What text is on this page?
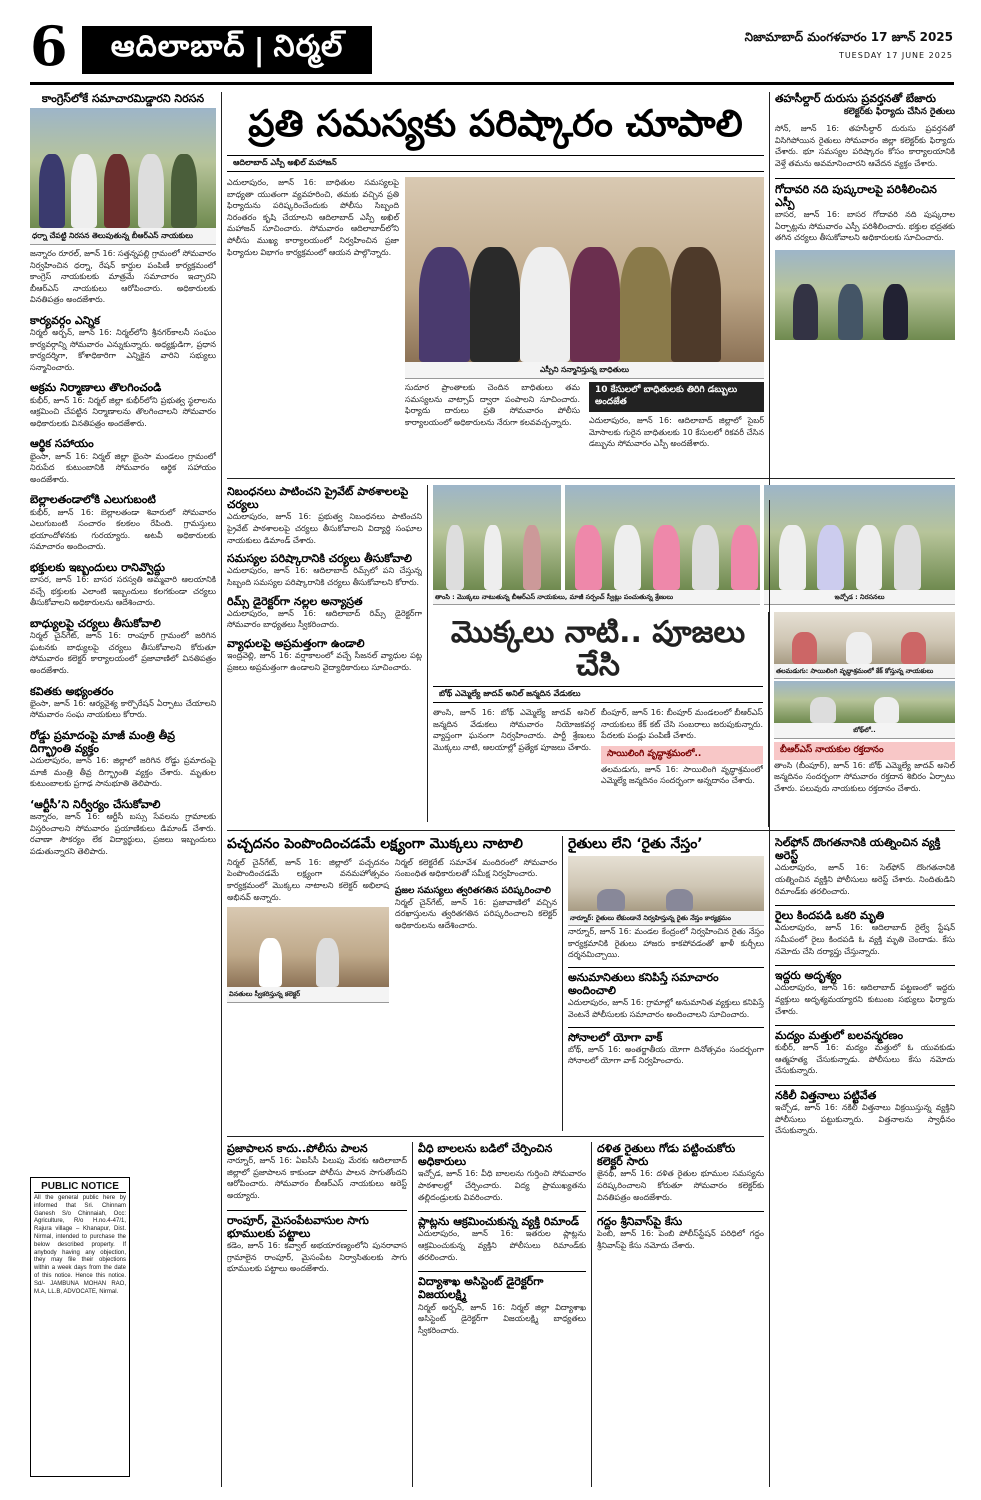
6 ఆదిలాబాద్ | నిర్మల్	నిజామాబాద్ మంగళవారం 17 జూన్ 2025
TUESDAY 17 JUNE 2025
కాంగ్రెస్‌లోకే సమాచారమిడ్డారని నిరసన
ధర్నా చేపట్టి నిరసన తెలుపుతున్న బీఆర్‌ఎస్ నాయకులు
జన్నారం రూరల్, జూన్ 16: సత్తన్నపల్లి గ్రామంలో సోమవారం నిర్వహించిన ధర్నా, రేషన్ కార్డుల పంపిణీ కార్యక్రమంలో కాంగ్రెస్ నాయకులకు మాత్రమే సమాచారం ఇచ్చారని బీఆర్‌ఎస్ నాయకులు ఆరోపించారు. అధికారులకు వినతిపత్రం అందజేశారు.
కార్యవర్గం ఎన్నిక
నిర్మల్ అర్బన్, జూన్ 16: నిర్మల్‌లోని శ్రీనగర్‌కాలనీ సంఘం కార్యవర్గాన్ని సోమవారం ఎన్నుకున్నారు. అధ్యక్షుడిగా, ప్రధాన కార్యదర్శిగా, కోశాధికారిగా ఎన్నికైన వారిని సభ్యులు సన్మానించారు.
అక్రమ నిర్మాణాలు తొలగించండి
కుభీర్, జూన్ 16: నిర్మల్ జిల్లా కుభీర్‌లోని ప్రభుత్వ స్థలాలను ఆక్రమించి చేపట్టిన నిర్మాణాలను తొలగించాలని సోమవారం అధికారులకు వినతిపత్రం అందజేశారు.
ఆర్థిక సహాయం
భైంసా, జూన్ 16: నిర్మల్ జిల్లా భైంసా మండలం గ్రామంలో నిరుపేద కుటుంబానికి సోమవారం ఆర్థిక సహాయం అందజేశారు.
బెల్లాలతండాలోకి ఎలుగుబంటి
కుభీర్, జూన్ 16: బెల్లాలతండా శివారులో సోమవారం ఎలుగుబంటి సంచారం కలకలం రేపింది. గ్రామస్తులు భయాందోళనకు గురయ్యారు. అటవీ అధికారులకు సమాచారం అందించారు.
భక్తులకు ఇబ్బందులు రానివ్వొద్దు
బాసర, జూన్ 16: బాసర సరస్వతి అమ్మవారి ఆలయానికి వచ్చే భక్తులకు ఎలాంటి ఇబ్బందులు కలగకుండా చర్యలు తీసుకోవాలని అధికారులను ఆదేశించారు.
బాధ్యులపై చర్యలు తీసుకోవాలి
నిర్మల్ చైన్‌గేట్, జూన్ 16: రాంపూర్ గ్రామంలో జరిగిన ఘటనకు బాధ్యులపై చర్యలు తీసుకోవాలని కోరుతూ సోమవారం కలెక్టర్ కార్యాలయంలో ప్రజావాణిలో వినతిపత్రం అందజేశారు.
కవితకు అభ్యంతరం
భైంసా, జూన్ 16: ఆర్యవైశ్య కార్పొరేషన్ ఏర్పాటు చేయాలని సోమవారం సంఘ నాయకులు కోరారు.
రోడ్డు ప్రమాదంపై మాజీ మంత్రి తీవ్ర దిగ్భ్రాంతి వ్యక్తం
ఎదులాపురం, జూన్ 16: జిల్లాలో జరిగిన రోడ్డు ప్రమాదంపై మాజీ మంత్రి తీవ్ర దిగ్భ్రాంతి వ్యక్తం చేశారు. మృతుల కుటుంబాలకు ప్రగాఢ సానుభూతి తెలిపారు.
‘ఆర్టీసీ’ని నిర్వీర్యం చేసుకోవాలి
జన్నారం, జూన్ 16: ఆర్టీసీ బస్సు సేవలను గ్రామాలకు విస్తరించాలని సోమవారం ప్రయాణికులు డిమాండ్ చేశారు. రవాణా సౌకర్యం లేక విద్యార్థులు, ప్రజలు ఇబ్బందులు పడుతున్నారని తెలిపారు.
PUBLIC NOTICE
All the general public here by informed that Sri. Chinnam Ganesh S/o Chinnaiah, Occ: Agriculture, R/o H.no.4-47/1, Rajura village – Khanapur, Dist. Nirmal, intended to purchase the below described property. If anybody having any objection, they may file their objections within a week days from the date of this notice. Hence this notice. Sd/- JAMBUNA MOHAN RAO, M.A, LL.B, ADVOCATE, Nirmal.
ప్రతి సమస్యకు పరిష్కారం చూపాలి
ఆదిలాబాద్ ఎస్పీ అఖిల్ మహాజన్
ఎదులాపురం, జూన్ 16: బాధితుల సమస్యలపై బాధ్యతా యుతంగా వ్యవహరించి, తమకు వచ్చిన ప్రతి ఫిర్యాదును పరిష్కరించేందుకు పోలీసు సిబ్బంది నిరంతరం కృషి చేయాలని ఆదిలాబాద్ ఎస్పీ అఖిల్ మహాజన్ సూచించారు. సోమవారం ఆదిలాబాద్‌లోని పోలీసు ముఖ్య కార్యాలయంలో నిర్వహించిన ప్రజా ఫిర్యాదుల విభాగం కార్యక్రమంలో ఆయన పాల్గొన్నారు.
ఎస్పీని సన్మానిస్తున్న బాధితులు
సుదూర ప్రాంతాలకు చెందిన బాధితులు తమ సమస్యలను వాట్సాప్ ద్వారా పంపాలని సూచించారు. ఫిర్యాదు దారులు ప్రతి సోమవారం పోలీసు కార్యాలయంలో అధికారులను నేరుగా కలవవచ్చన్నారు.
10 కేసులలో బాధితులకు తిరిగి డబ్బులు అందజేత
ఎదులాపురం, జూన్ 16: ఆదిలాబాద్ జిల్లాలో సైబర్ మోసాలకు గురైన బాధితులకు 10 కేసులలో రికవరీ చేసిన డబ్బును సోమవారం ఎస్పీ అందజేశారు.
తహసీల్దార్ దురుసు ప్రవర్తనతో బేజారు
కలెక్టర్‌కు ఫిర్యాదు చేసిన రైతులు
సోన్, జూన్ 16: తహసీల్దార్ దురుసు ప్రవర్తనతో విసిగిపోయిన రైతులు సోమవారం జిల్లా కలెక్టర్‌కు ఫిర్యాదు చేశారు. భూ సమస్యల పరిష్కారం కోసం కార్యాలయానికి వెళ్తే తమను అవమానించారని ఆవేదన వ్యక్తం చేశారు.
గోదావరి నది పుష్కరాలపై పరిశీలించిన ఎస్పీ
బాసర, జూన్ 16: బాసర గోదావరి నది పుష్కరాల ఏర్పాట్లను సోమవారం ఎస్పీ పరిశీలించారు. భక్తుల భద్రతకు తగిన చర్యలు తీసుకోవాలని అధికారులకు సూచించారు.
నిబంధనలు పాటించని ప్రైవేట్ పాఠశాలలపై చర్యలు
ఎదులాపురం, జూన్ 16: ప్రభుత్వ నిబంధనలు పాటించని ప్రైవేట్ పాఠశాలలపై చర్యలు తీసుకోవాలని విద్యార్థి సంఘాల నాయకులు డిమాండ్ చేశారు.
సమస్యల పరిష్కారానికి చర్యలు తీసుకోవాలి
ఎదులాపురం, జూన్ 16: ఆదిలాబాద్ రిమ్స్‌లో పని చేస్తున్న సిబ్బంది సమస్యల పరిష్కారానికి చర్యలు తీసుకోవాలని కోరారు.
రిమ్స్ డైరెక్టర్‌గా నల్లల అన్యాస్రత
ఎదులాపురం, జూన్ 16: ఆదిలాబాద్ రిమ్స్ డైరెక్టర్‌గా సోమవారం బాధ్యతలు స్వీకరించారు.
వ్యాధులపై అప్రమత్తంగా ఉండాలి
ఇంద్రవెల్లి, జూన్ 16: వర్షాకాలంలో వచ్చే సీజనల్ వ్యాధుల పట్ల ప్రజలు అప్రమత్తంగా ఉండాలని వైద్యాధికారులు సూచించారు.
తాంసి : మొక్కలు నాటుతున్న బీఆర్‌ఎస్ నాయకులు, మాజీ సర్పంచ్ స్వీట్లు పంచుతున్న శ్రేణులు	ఇచ్చోడ : నిరసనలు
మొక్కలు నాటి.. పూజలు చేసి
బోథ్ ఎమ్మెల్యే జాదవ్ అనిల్ జన్మదిన వేడుకలు
తాంసి, జూన్ 16: బోథ్ ఎమ్మెల్యే జాదవ్ అనిల్ జన్మదిన వేడుకలు సోమవారం నియోజకవర్గ వ్యాప్తంగా ఘనంగా నిర్వహించారు. పార్టీ శ్రేణులు మొక్కలు నాటి, ఆలయాల్లో ప్రత్యేక పూజలు చేశారు.
బీంపూర్, జూన్ 16: బీంపూర్ మండలంలో బీఆర్‌ఎస్ నాయకులు కేక్ కట్ చేసి సంబరాలు జరుపుకున్నారు. పేదలకు పండ్లు పంపిణీ చేశారు.
సాయిలింగి వృద్ధాశ్రమంలో..
తలమడుగు, జూన్ 16: సాయిలింగి వృద్ధాశ్రమంలో ఎమ్మెల్యే జన్మదినం సందర్భంగా అన్నదానం చేశారు.
తలమడుగు: సాయిలింగి వృద్ధాశ్రమంలో కేక్ కోస్తున్న నాయకులు
బోథ్‌లో..
బీఆర్‌ఎస్ నాయకుల రక్తదానం
తాంసి (బీంపూర్), జూన్ 16: బోథ్ ఎమ్మెల్యే జాదవ్ అనిల్ జన్మదినం సందర్భంగా సోమవారం రక్తదాన శిబిరం ఏర్పాటు చేశారు. పలువురు నాయకులు రక్తదానం చేశారు.
పచ్చదనం పెంపొందించడమే లక్ష్యంగా మొక్కలు నాటాలి
నిర్మల్ చైన్‌గేట్, జూన్ 16: జిల్లాలో పచ్చదనం పెంపొందించడమే లక్ష్యంగా వనమహోత్సవం కార్యక్రమంలో మొక్కలు నాటాలని కలెక్టర్ అభిలాష అభినవ్ అన్నారు.
వినతులు స్వీకరిస్తున్న కలెక్టర్
నిర్మల్ కలెక్టరేట్ సమావేశ మందిరంలో సోమవారం సంబంధిత అధికారులతో సమీక్ష నిర్వహించారు.
ప్రజల సమస్యలు త్వరితగతిన పరిష్కరించాలి
నిర్మల్ చైన్‌గేట్, జూన్ 16: ప్రజావాణిలో వచ్చిన దరఖాస్తులను త్వరితగతిన పరిష్కరించాలని కలెక్టర్ అధికారులను ఆదేశించారు.
రైతులు లేని ‘రైతు నేస్తం’
నార్నూర్: రైతులు లేకుండానే నిర్వహిస్తున్న రైతు నేస్తం కార్యక్రమం
నార్నూర్, జూన్ 16: మండల కేంద్రంలో నిర్వహించిన రైతు నేస్తం కార్యక్రమానికి రైతులు హాజరు కాకపోవడంతో ఖాళీ కుర్చీలు దర్శనమిచ్చాయి.
అనుమానితులు కనిపిస్తే సమాచారం అందించాలి
ఎదులాపురం, జూన్ 16: గ్రామాల్లో అనుమానిత వ్యక్తులు కనిపిస్తే వెంటనే పోలీసులకు సమాచారం అందించాలని సూచించారు.
సోనాలలో యోగా వాక్
బోథ్, జూన్ 16: అంతర్జాతీయ యోగా దినోత్సవం సందర్భంగా సోనాలలో యోగా వాక్ నిర్వహించారు.
సెల్‌ఫోన్ దొంగతనానికి యత్నించిన వ్యక్తి అరెస్ట్
ఎదులాపురం, జూన్ 16: సెల్‌ఫోన్ దొంగతనానికి యత్నించిన వ్యక్తిని పోలీసులు అరెస్ట్ చేశారు. నిందితుడిని రిమాండ్‌కు తరలించారు.
రైలు కిందపడి ఒకరి మృతి
ఎదులాపురం, జూన్ 16: ఆదిలాబాద్ రైల్వే స్టేషన్ సమీపంలో రైలు కిందపడి ఓ వ్యక్తి మృతి చెందాడు. కేసు నమోదు చేసి దర్యాప్తు చేస్తున్నారు.
ఇద్దరు అదృశ్యం
ఎదులాపురం, జూన్ 16: ఆదిలాబాద్ పట్టణంలో ఇద్దరు వ్యక్తులు అదృశ్యమయ్యారని కుటుంబ సభ్యులు ఫిర్యాదు చేశారు.
మద్యం మత్తులో బలవన్మరణం
కుభీర్, జూన్ 16: మద్యం మత్తులో ఓ యువకుడు ఆత్మహత్య చేసుకున్నాడు. పోలీసులు కేసు నమోదు చేసుకున్నారు.
నకిలీ విత్తనాలు పట్టివేత
ఇచ్చోడ, జూన్ 16: నకిలీ విత్తనాలు విక్రయిస్తున్న వ్యక్తిని పోలీసులు పట్టుకున్నారు. విత్తనాలను స్వాధీనం చేసుకున్నారు.
ప్రజాపాలన కాదు..పోలీసు పాలన
నార్నూర్, జూన్ 16: ఏఐసీసీ పిలుపు మేరకు ఆదిలాబాద్ జిల్లాలో ప్రజాపాలన కాకుండా పోలీసు పాలన సాగుతోందని ఆరోపించారు. సోమవారం బీఆర్‌ఎస్ నాయకులు అరెస్ట్ అయ్యారు.
రాంపూర్, మైసంపేటవాసుల సాగు భూములకు పట్టాలు
కడెం, జూన్ 16: కవ్వాల్ అభయారణ్యంలోని పునరావాస గ్రామాలైన రాంపూర్, మైసంపేట నిర్వాసితులకు సాగు భూములకు పట్టాలు అందజేశారు.
వీధి బాలలను బడిలో చేర్పించిన అధికారులు
ఇచ్చోడ, జూన్ 16: వీధి బాలలను గుర్తించి సోమవారం పాఠశాలల్లో చేర్పించారు. విద్య ప్రాముఖ్యతను తల్లిదండ్రులకు వివరించారు.
ప్లాట్లను ఆక్రమించుకున్న వ్యక్తి రిమాండ్
ఎదులాపురం, జూన్ 16: ఇతరుల ప్లాట్లను ఆక్రమించుకున్న వ్యక్తిని పోలీసులు రిమాండ్‌కు తరలించారు.
విద్యాశాఖ అసిస్టెంట్ డైరెక్టర్‌గా విజయలక్ష్మి
నిర్మల్ అర్బన్, జూన్ 16: నిర్మల్ జిల్లా విద్యాశాఖ అసిస్టెంట్ డైరెక్టర్‌గా విజయలక్ష్మి బాధ్యతలు స్వీకరించారు.
దళిత రైతులు గోడు పట్టించుకోరు కలెక్టర్ సారు
జైనథ్, జూన్ 16: దళిత రైతుల భూముల సమస్యను పరిష్కరించాలని కోరుతూ సోమవారం కలెక్టర్‌కు వినతిపత్రం అందజేశారు.
గద్దం శ్రీనివాస్‌పై కేసు
పెంబి, జూన్ 16: పెంబి పోలీస్‌స్టేషన్ పరిధిలో గద్దం శ్రీనివాస్‌పై కేసు నమోదు చేశారు.
